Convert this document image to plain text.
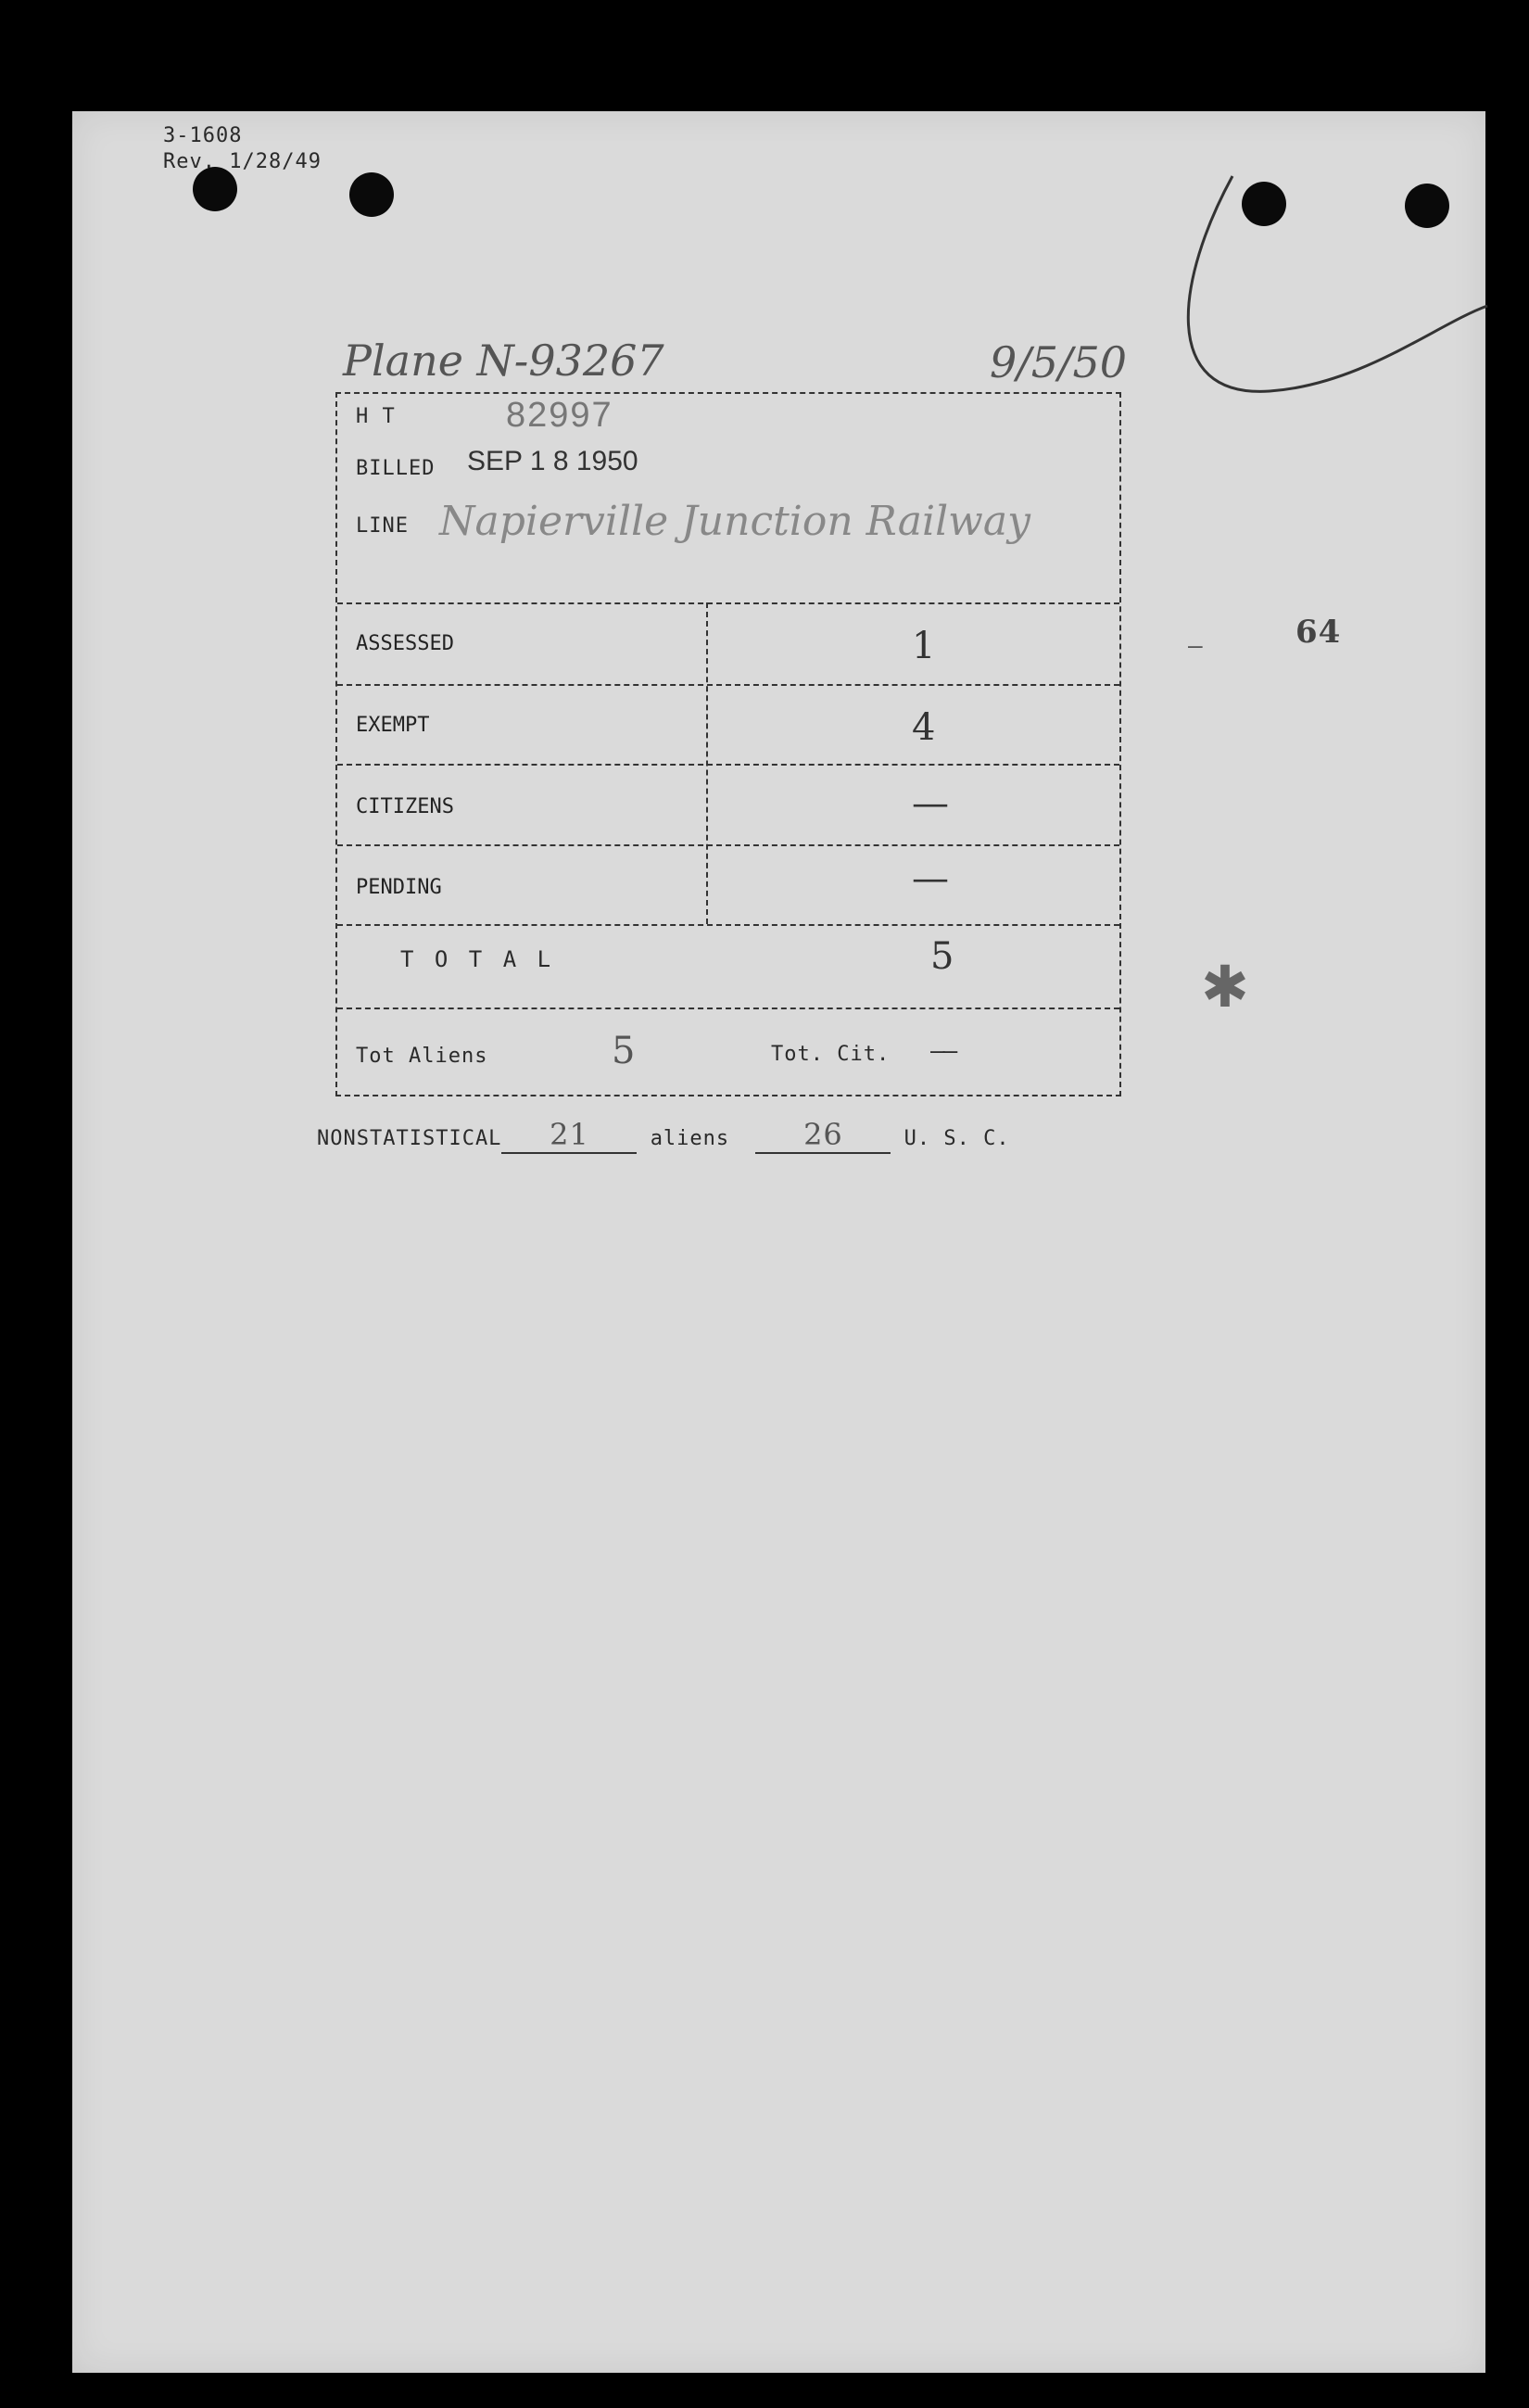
3-1608
Rev. 1/28/49
Plane N-93267	9/5/50
H T	82997
BILLED SEP 1 8 1950
LINE Napierville Junction Railway
ASSESSED	1
EXEMPT	4
CITIZENS	—
PENDING	—
T O T A L	5
Tot Aliens	5	Tot. Cit. ——
NONSTATISTICAL 21	aliens 26	U. S. C.
—	64
✱
